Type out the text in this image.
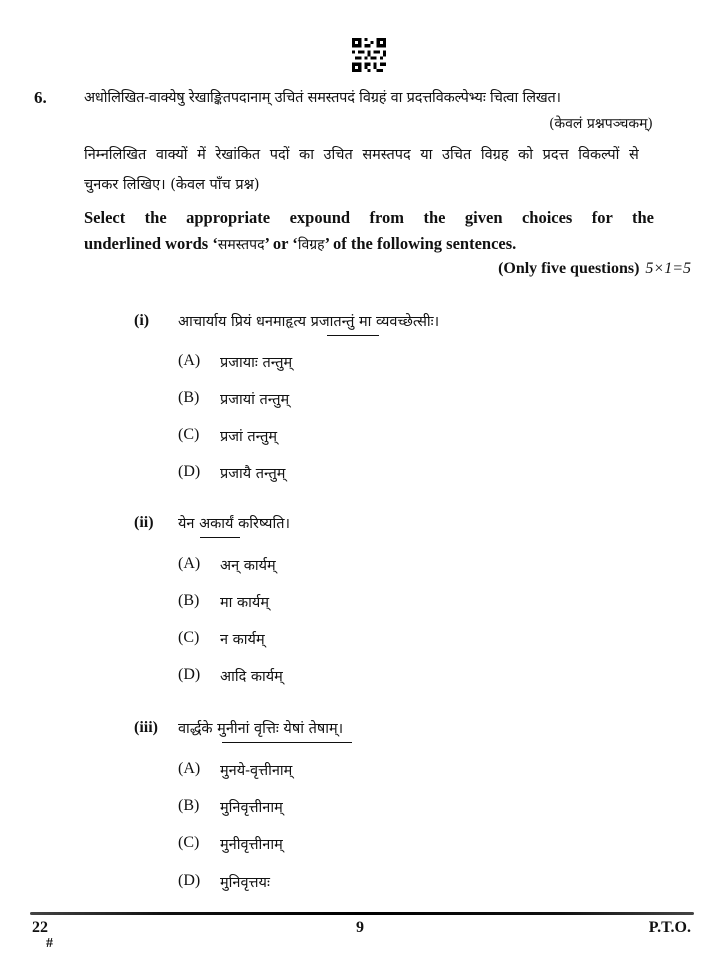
6.	अधोलिखित-वाक्येषु रेखाङ्कितपदानाम् उचितं समस्तपदं विग्रहं वा प्रदत्तविकल्पेभ्यः चित्वा लिखत।
(केवलं प्रश्नपञ्चकम्)
निम्नलिखित वाक्यों में रेखांकित पदों का उचित समस्तपद या उचित विग्रह को प्रदत्त विकल्पों से
चुनकर लिखिए। (केवल पाँच प्रश्न)
Select the appropriate expound from the given choices for the
underlined words ‘समस्तपद’ or ‘विग्रह’ of the following sentences.
(Only five questions) 5×1=5
(i) आचार्याय प्रियं धनमाहृत्य प्रजातन्तुं मा व्यवच्छेत्सीः।
(A) प्रजायाः तन्तुम्
(B) प्रजायां तन्तुम्
(C) प्रजां तन्तुम्
(D) प्रजायै तन्तुम्
(ii) येन अकार्यं करिष्यति।
(A) अन् कार्यम्
(B) मा कार्यम्
(C) न कार्यम्
(D) आदि कार्यम्
(iii) वार्द्धके मुनीनां वृत्तिः येषां तेषाम्।
(A) मुनये-वृत्तीनाम्
(B) मुनिवृत्तीनाम्
(C) मुनीवृत्तीनाम्
(D) मुनिवृत्तयः
22
#
9	P.T.O.
